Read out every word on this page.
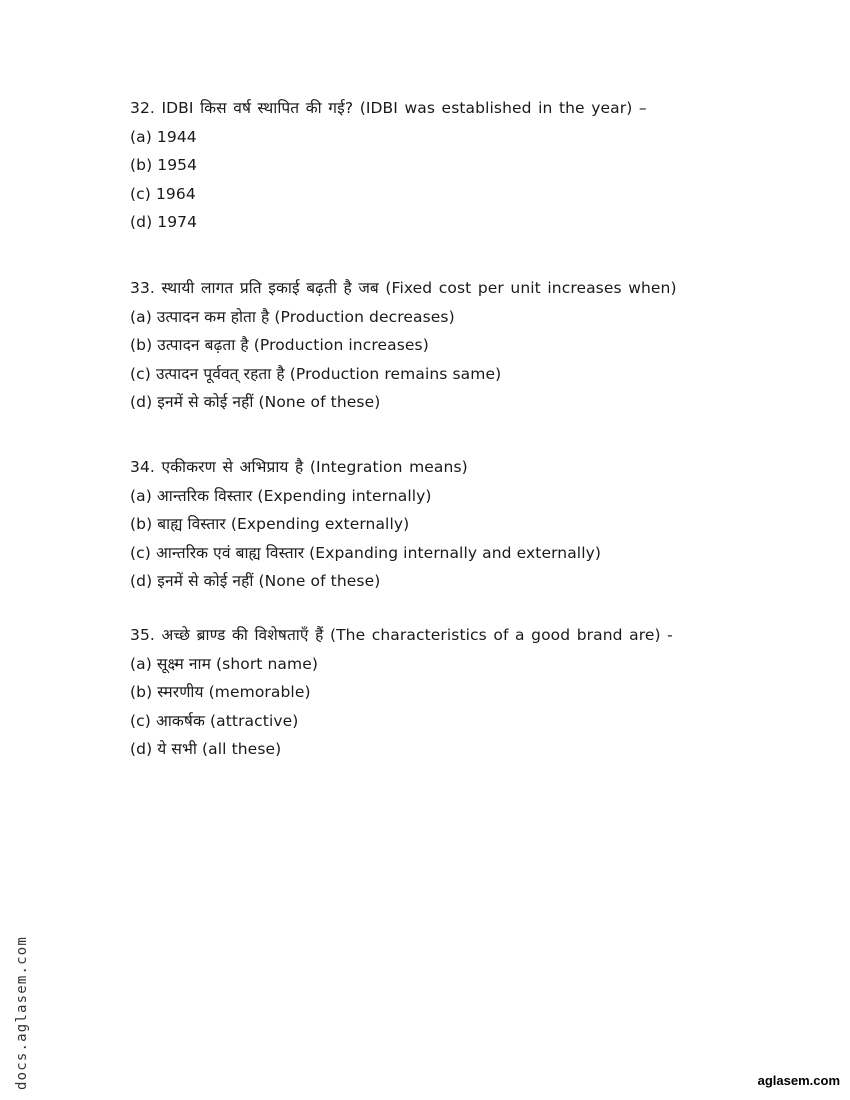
32. IDBI किस वर्ष स्थापित की गई? (IDBI was established in the year) –
(a) 1944
(b) 1954
(c) 1964
(d) 1974
33. स्थायी लागत प्रति इकाई बढ़ती है जब (Fixed cost per unit increases when)
(a) उत्पादन कम होता है (Production decreases)
(b) उत्पादन बढ़ता है (Production increases)
(c) उत्पादन पूर्ववत् रहता है (Production remains same)
(d) इनमें से कोई नहीं (None of these)
34. एकीकरण से अभिप्राय है (Integration means)
(a) आन्तरिक विस्तार (Expending internally)
(b) बाह्य विस्तार (Expending externally)
(c) आन्तरिक एवं बाह्य विस्तार (Expanding internally and externally)
(d) इनमें से कोई नहीं (None of these)
35. अच्छे ब्राण्ड की विशेषताएँ हैं (The characteristics of a good brand are) -
(a) सूक्ष्म नाम (short name)
(b) स्मरणीय (memorable)
(c) आकर्षक (attractive)
(d) ये सभी (all these)
docs.aglasem.com	aglasem.com
